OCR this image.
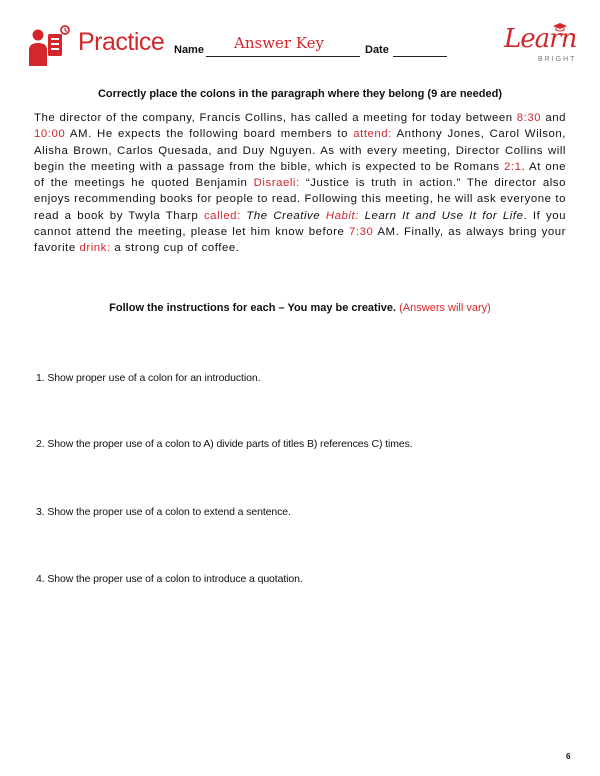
Practice Name Answer Key	Date	Learn
BRIGHT
Correctly place the colons in the paragraph where they belong (9 are needed)
The director of the company, Francis Collins, has called a meeting for today between 8:30 and 10:00 AM. He expects the following board members to attend: Anthony Jones, Carol Wilson, Alisha Brown, Carlos Quesada, and Duy Nguyen. As with every meeting, Director Collins will begin the meeting with a passage from the bible, which is expected to be Romans 2:1. At one of the meetings he quoted Benjamin Disraeli: “Justice is truth in action.” The director also enjoys recommending books for people to read. Following this meeting, he will ask everyone to read a book by Twyla Tharp called: The Creative Habit: Learn It and Use It for Life. If you cannot attend the meeting, please let him know before 7:30 AM. Finally, as always bring your favorite drink: a strong cup of coffee.
Follow the instructions for each – You may be creative. (Answers will vary)
1. Show proper use of a colon for an introduction.
2. Show the proper use of a colon to A) divide parts of titles B) references C) times.
3. Show the proper use of a colon to extend a sentence.
4. Show the proper use of a colon to introduce a quotation.
6
